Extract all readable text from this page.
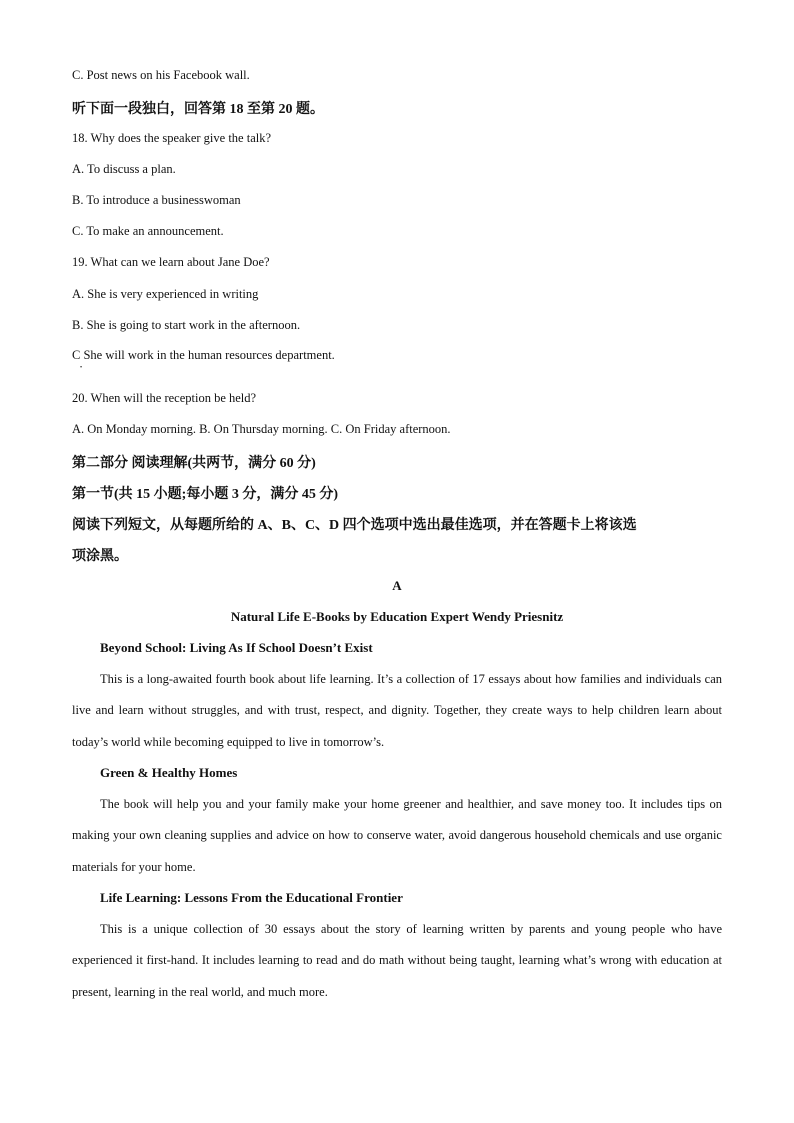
C. Post news on his Facebook wall.
听下面一段独白，回答第 18 至第 20 题。
18. Why does the speaker give the talk?
A. To discuss a plan.
B. To introduce a businesswoman
C. To make an announcement.
19. What can we learn about Jane Doe?
A. She is very experienced in writing
B. She is going to start work in the afternoon.
C She will work in the human resources department.
•
20. When will the reception be held?
A. On Monday morning. B. On Thursday morning. C. On Friday afternoon.
第二部分 阅读理解(共两节，满分 60 分)
第一节(共 15 小题;每小题 3 分，满分 45 分)
阅读下列短文，从每题所给的 A、B、C、D 四个选项中选出最佳选项，并在答题卡上将该选
项涂黑。
A
Natural Life E-Books by Education Expert Wendy Priesnitz
Beyond School: Living As If School Doesn’t Exist
This is a long-awaited fourth book about life learning. It’s a collection of 17 essays about how families and individuals can live and learn without struggles, and with trust, respect, and dignity. Together, they create ways to help children learn about today’s world while becoming equipped to live in tomorrow’s.
Green & Healthy Homes
The book will help you and your family make your home greener and healthier, and save money too. It includes tips on making your own cleaning supplies and advice on how to conserve water, avoid dangerous household chemicals and use organic materials for your home.
Life Learning: Lessons From the Educational Frontier
This is a unique collection of 30 essays about the story of learning written by parents and young people who have experienced it first-hand. It includes learning to read and do math without being taught, learning what’s wrong with education at present, learning in the real world, and much more.
